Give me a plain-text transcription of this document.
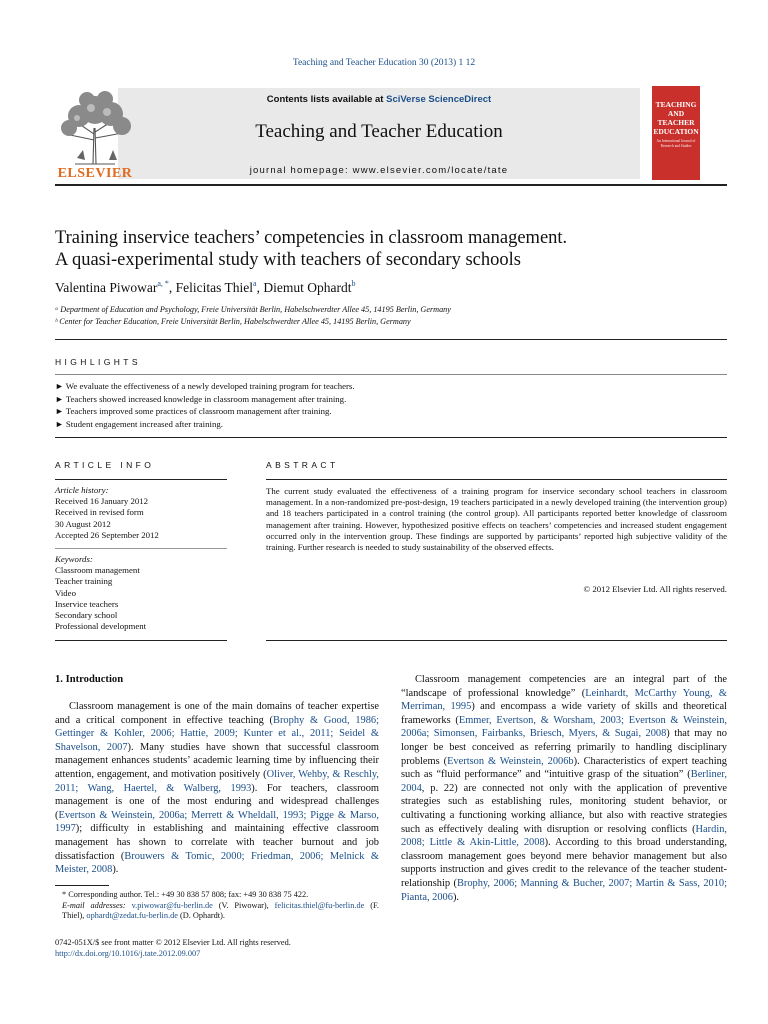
Teaching and Teacher Education 30 (2013) 1 12
ELSEVIER
Contents lists available at SciVerse ScienceDirect
Teaching and Teacher Education
journal homepage: www.elsevier.com/locate/tate
TEACHING AND TEACHER EDUCATION
An International Journal of Research and Studies
Training inservice teachers’ competencies in classroom management.
A quasi-experimental study with teachers of secondary schools
Valentina Piwowar$^{a, *}$, Felicitas Thiel$^a$, Diemut Ophardt$^b$
ᵃ Department of Education and Psychology, Freie Universität Berlin, Habelschwerdter Allee 45, 14195 Berlin, Germany
ᵇ Center for Teacher Education, Freie Universität Berlin, Habelschwerdter Allee 45, 14195 Berlin, Germany
HIGHLIGHTS
► We evaluate the effectiveness of a newly developed training program for teachers.
► Teachers showed increased knowledge in classroom management after training.
► Teachers improved some practices of classroom management after training.
► Student engagement increased after training.
ARTICLE INFO
Article history:
Received 16 January 2012
Received in revised form
30 August 2012
Accepted 26 September 2012
Keywords:
Classroom management
Teacher training
Video
Inservice teachers
Secondary school
Professional development
ABSTRACT
The current study evaluated the effectiveness of a training program for inservice secondary school teachers in classroom management. In a non-randomized pre-post-design, 19 teachers participated in a newly developed training (the intervention group) and 18 teachers participated in a control training (the control group). All participants reported better knowledge of classroom management after training. However, hypothesized positive effects on teachers’ competencies and increased student engagement occurred only in the intervention group. These findings are supported by participants’ reported high subjective validity of the training. Further research is needed to study sustainability of the observed effects.
© 2012 Elsevier Ltd. All rights reserved.
1. Introduction

Classroom management is one of the main domains of teacher expertise and a critical component in effective teaching (Brophy & Good, 1986; Gettinger & Kohler, 2006; Hattie, 2009; Kunter et al., 2011; Seidel & Shavelson, 2007). Many studies have shown that successful classroom management enhances students’ academic learning time by influencing their attention, engagement, and motivation positively (Oliver, Wehby, & Reschly, 2011; Wang, Haertel, & Walberg, 1993). For teachers, classroom management is one of the most enduring and widespread challenges (Evertson & Weinstein, 2006a; Merrett & Wheldall, 1993; Pigge & Marso, 1997); difficulty in establishing and maintaining effective classroom management has shown to correlate with teacher burnout and job dissatisfaction (Brouwers & Tomic, 2000; Friedman, 2006; Melnick & Meister, 2008).

Classroom management competencies are an integral part of the “landscape of professional knowledge” (Leinhardt, McCarthy Young, & Merriman, 1995) and encompass a wide variety of skills and theoretical frameworks (Emmer, Evertson, & Worsham, 2003; Evertson & Weinstein, 2006a; Simonsen, Fairbanks, Briesch, Myers, & Sugai, 2008) that may no longer be best conceived as referring primarily to handling disciplinary problems (Evertson & Weinstein, 2006b). Characteristics of expert teaching such as “fluid performance” and “intuitive grasp of the situation” (Berliner, 2004, p. 22) are connected not only with the application of preventive strategies such as establishing rules, monitoring student behavior, or cultivating a functioning working alliance, but also with reactive strategies such as effectively dealing with disruption or resolving conflicts (Hardin, 2008; Little & Akin-Little, 2008). According to this broad understanding, classroom management goes beyond mere behavior management but also supports instruction and gives credit to the relevance of the teacher student-relationship (Brophy, 2006; Manning & Bucher, 2007; Martin & Sass, 2010; Pianta, 2006).

* Corresponding author. Tel.: +49 30 838 57 808; fax: +49 30 838 75 422.
E-mail addresses: v.piwowar@fu-berlin.de (V. Piwowar), felicitas.thiel@fu-berlin.de (F. Thiel), ophardt@zedat.fu-berlin.de (D. Ophardt).
0742-051X/$ see front matter © 2012 Elsevier Ltd. All rights reserved.
http://dx.doi.org/10.1016/j.tate.2012.09.007
